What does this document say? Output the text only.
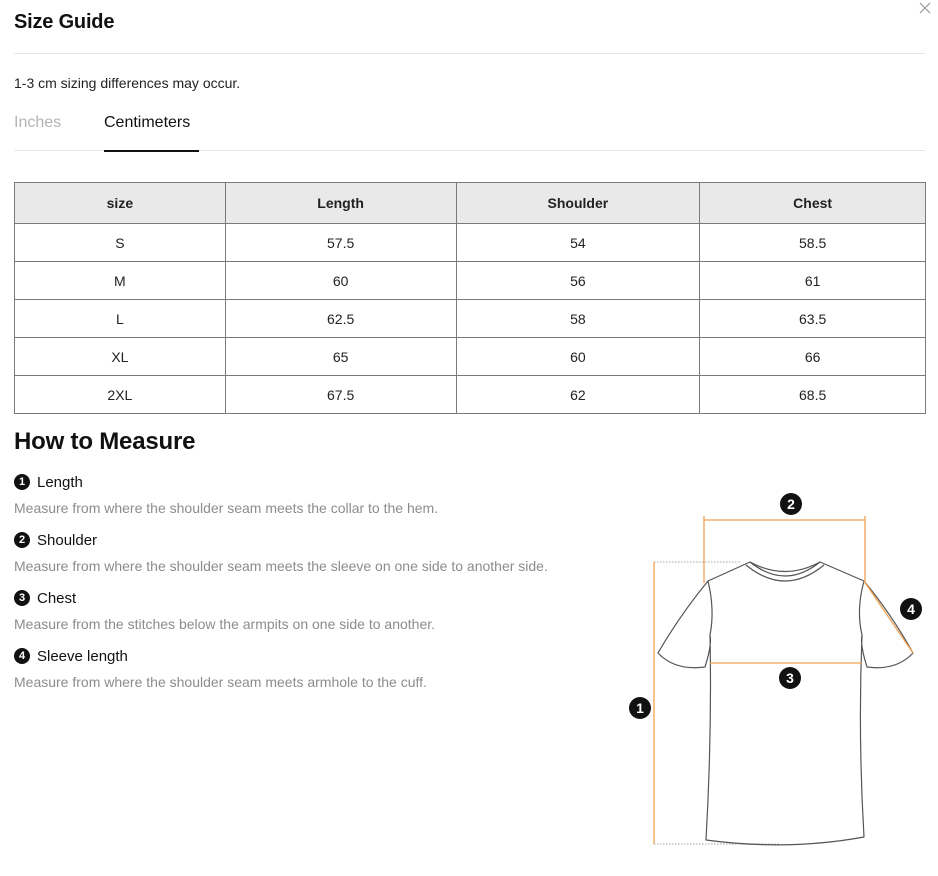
Size Guide
1-3 cm sizing differences may occur.
Inches	Centimeters
size	Length	Shoulder	Chest
S	57.5	54	58.5
M	60	56	61
L	62.5	58	63.5
XL	65	60	66
2XL	67.5	62	68.5
How to Measure
1 Length
Measure from where the shoulder seam meets the collar to the hem.
2 Shoulder
Measure from where the shoulder seam meets the sleeve on one side to another side.
3 Chest
Measure from the stitches below the armpits on one side to another.
4 Sleeve length
Measure from where the shoulder seam meets armhole to the cuff.
1
2
3
4
